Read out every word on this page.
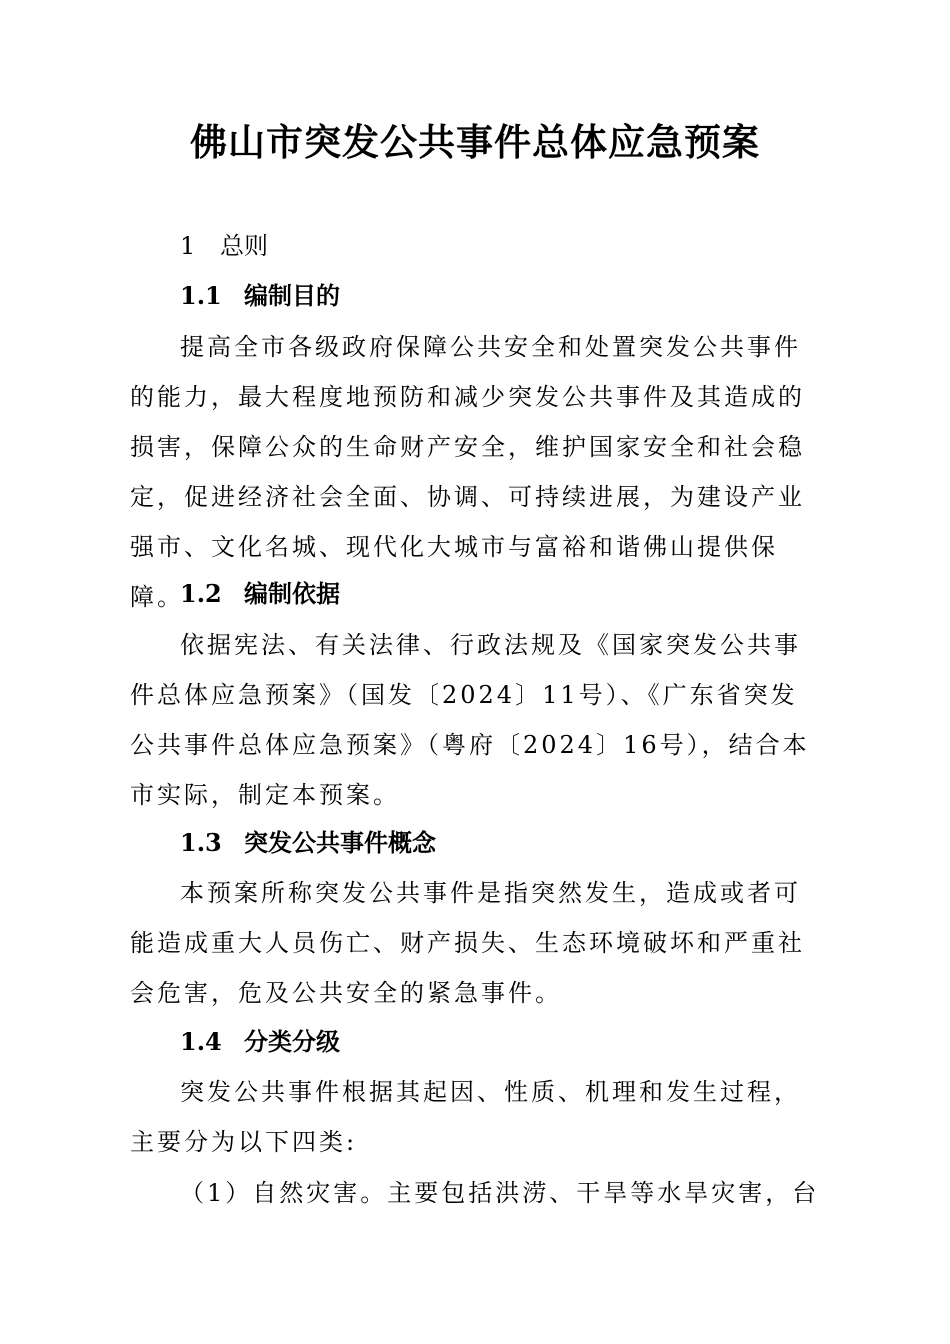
佛山市突发公共事件总体应急预案
1 总则
1.1 编制目的

提高全市各级政府保障公共安全和处置突发公共事件的能力，最大程度地预防和减少突发公共事件及其造成的损害，保障公众的生命财产安全，维护国家安全和社会稳定，促进经济社会全面、协调、可持续进展，为建设产业强市、文化名城、现代化大城市与富裕和谐佛山提供保障。

1.2 编制依据

依据宪法、有关法律、行政法规及《国家突发公共事件总体应急预案》（国发〔2024〕11号）、《广东省突发公共事件总体应急预案》（粤府〔2024〕16号），结合本市实际，制定本预案。

1.3 突发公共事件概念

本预案所称突发公共事件是指突然发生，造成或者可能造成重大人员伤亡、财产损失、生态环境破坏和严重社会危害，危及公共安全的紧急事件。

1.4 分类分级

突发公共事件根据其起因、性质、机理和发生过程，主要分为以下四类:

（1）自然灾害。主要包括洪涝、干旱等水旱灾害，台
